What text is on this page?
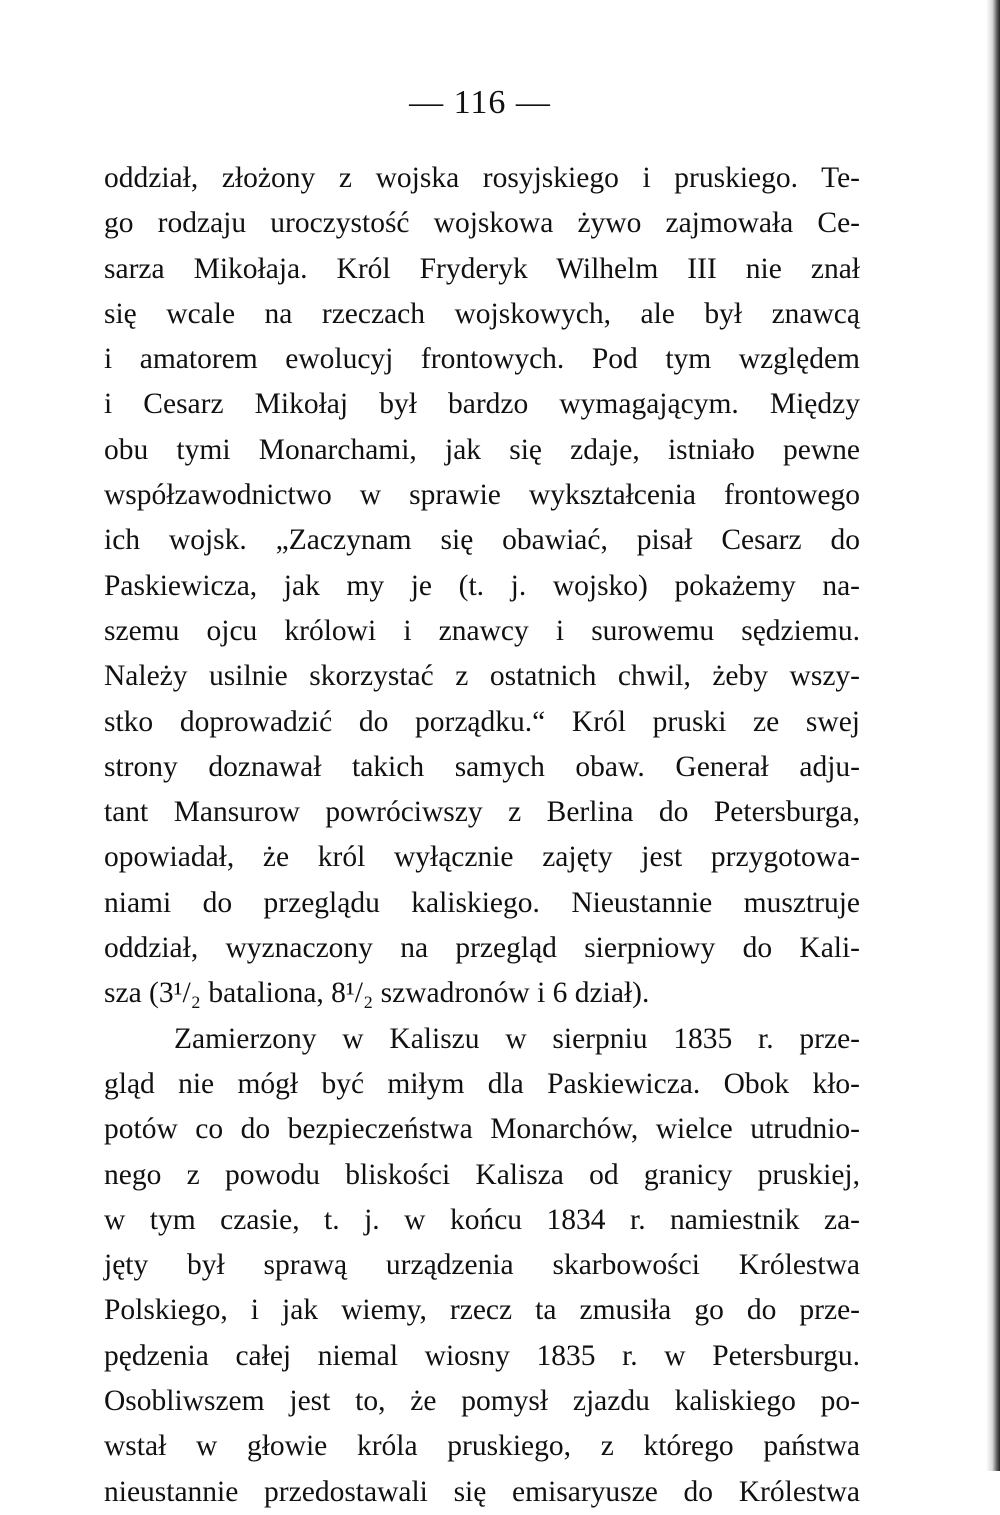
— 116 —
oddział, złożony z wojska rosyjskiego i pruskiego. Te-
go rodzaju uroczystość wojskowa żywo zajmowała Ce-
sarza Mikołaja. Król Fryderyk Wilhelm III nie znał
się wcale na rzeczach wojskowych, ale był znawcą
i amatorem ewolucyj frontowych. Pod tym względem
i Cesarz Mikołaj był bardzo wymagającym. Między
obu tymi Monarchami, jak się zdaje, istniało pewne
współzawodnictwo w sprawie wykształcenia frontowego
ich wojsk. „Zaczynam się obawiać, pisał Cesarz do
Paskiewicza, jak my je (t. j. wojsko) pokażemy na-
szemu ojcu królowi i znawcy i surowemu sędziemu.
Należy usilnie skorzystać z ostatnich chwil, żeby wszy-
stko doprowadzić do porządku.“ Król pruski ze swej
strony doznawał takich samych obaw. Generał adju-
tant Mansurow powróciwszy z Berlina do Petersburga,
opowiadał, że król wyłącznie zajęty jest przygotowa-
niami do przeglądu kaliskiego. Nieustannie musztruje
oddział, wyznaczony na przegląd sierpniowy do Kali-
sza (3¹/₂ bataliona, 8¹/₂ szwadronów i 6 dział).
Zamierzony w Kaliszu w sierpniu 1835 r. prze-
gląd nie mógł być miłym dla Paskiewicza. Obok kło-
potów co do bezpieczeństwa Monarchów, wielce utrudnio-
nego z powodu bliskości Kalisza od granicy pruskiej,
w tym czasie, t. j. w końcu 1834 r. namiestnik za-
jęty był sprawą urządzenia skarbowości Królestwa
Polskiego, i jak wiemy, rzecz ta zmusiła go do prze-
pędzenia całej niemal wiosny 1835 r. w Petersburgu.
Osobliwszem jest to, że pomysł zjazdu kaliskiego po-
wstał w głowie króla pruskiego, z którego państwa
nieustannie przedostawali się emisaryusze do Królestwa
